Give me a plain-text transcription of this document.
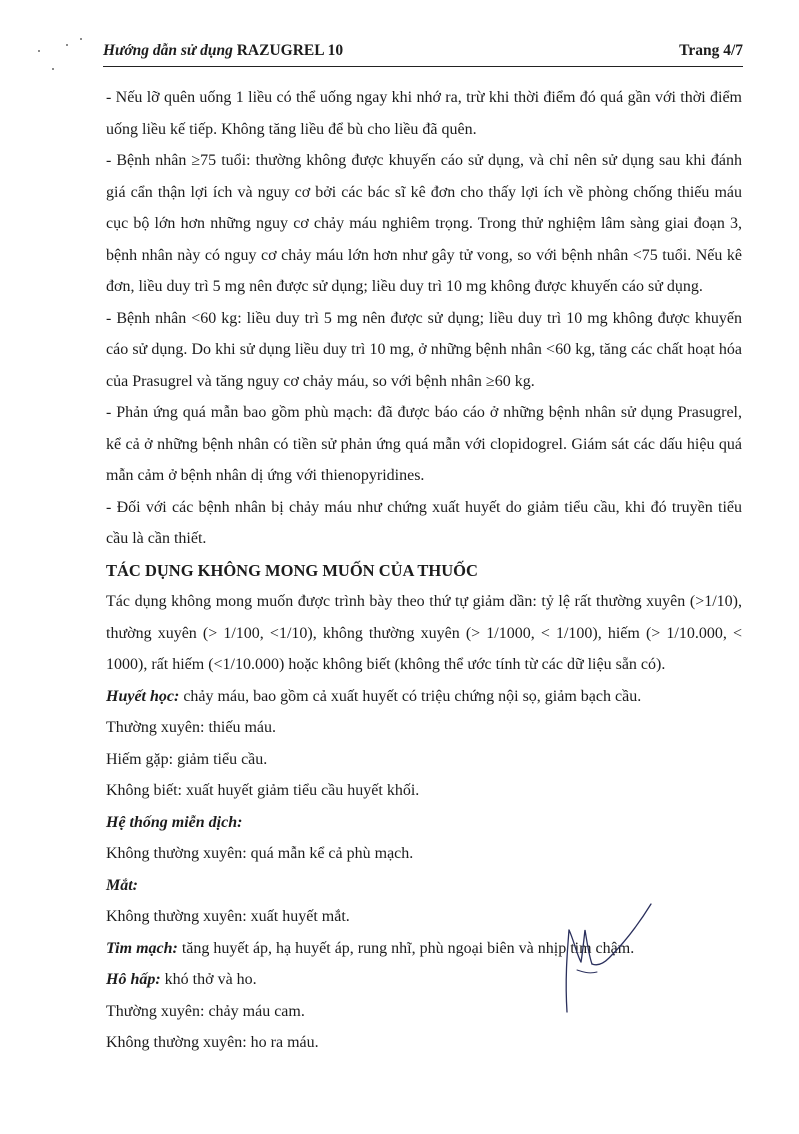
Hướng dẫn sử dụng RAZUGREL 10	Trang 4/7

- Nếu lỡ quên uống 1 liều có thể uống ngay khi nhớ ra, trừ khi thời điểm đó quá gần với thời điểm uống liều kế tiếp. Không tăng liều để bù cho liều đã quên.

- Bệnh nhân ≥75 tuổi: thường không được khuyến cáo sử dụng, và chỉ nên sử dụng sau khi đánh giá cẩn thận lợi ích và nguy cơ bởi các bác sĩ kê đơn cho thấy lợi ích về phòng chống thiếu máu cục bộ lớn hơn những nguy cơ chảy máu nghiêm trọng. Trong thử nghiệm lâm sàng giai đoạn 3, bệnh nhân này có nguy cơ chảy máu lớn hơn như gây tử vong, so với bệnh nhân <75 tuổi. Nếu kê đơn, liều duy trì 5 mg nên được sử dụng; liều duy trì 10 mg không được khuyến cáo sử dụng.

- Bệnh nhân <60 kg: liều duy trì 5 mg nên được sử dụng; liều duy trì 10 mg không được khuyến cáo sử dụng. Do khi sử dụng liều duy trì 10 mg, ở những bệnh nhân <60 kg, tăng các chất hoạt hóa của Prasugrel và tăng nguy cơ chảy máu, so với bệnh nhân ≥60 kg.

- Phản ứng quá mẫn bao gồm phù mạch: đã được báo cáo ở những bệnh nhân sử dụng Prasugrel, kể cả ở những bệnh nhân có tiền sử phản ứng quá mẫn với clopidogrel. Giám sát các dấu hiệu quá mẫn cảm ở bệnh nhân dị ứng với thienopyridines.

- Đối với các bệnh nhân bị chảy máu như chứng xuất huyết do giảm tiểu cầu, khi đó truyền tiểu cầu là cần thiết.

TÁC DỤNG KHÔNG MONG MUỐN CỦA THUỐC

Tác dụng không mong muốn được trình bày theo thứ tự giảm dần: tỷ lệ rất thường xuyên (>1/10), thường xuyên (> 1/100, <1/10), không thường xuyên (> 1/1000, < 1/100), hiếm (> 1/10.000, < 1000), rất hiếm (<1/10.000) hoặc không biết (không thể ước tính từ các dữ liệu sẵn có).

Huyết học: chảy máu, bao gồm cả xuất huyết có triệu chứng nội sọ, giảm bạch cầu.

Thường xuyên: thiếu máu.

Hiếm gặp: giảm tiểu cầu.

Không biết: xuất huyết giảm tiểu cầu huyết khối.

Hệ thống miễn dịch:

Không thường xuyên: quá mẫn kể cả phù mạch.

Mắt:

Không thường xuyên: xuất huyết mắt.

Tim mạch: tăng huyết áp, hạ huyết áp, rung nhĩ, phù ngoại biên và nhịp tim chậm.

Hô hấp: khó thở và ho.

Thường xuyên: chảy máu cam.

Không thường xuyên: ho ra máu.
